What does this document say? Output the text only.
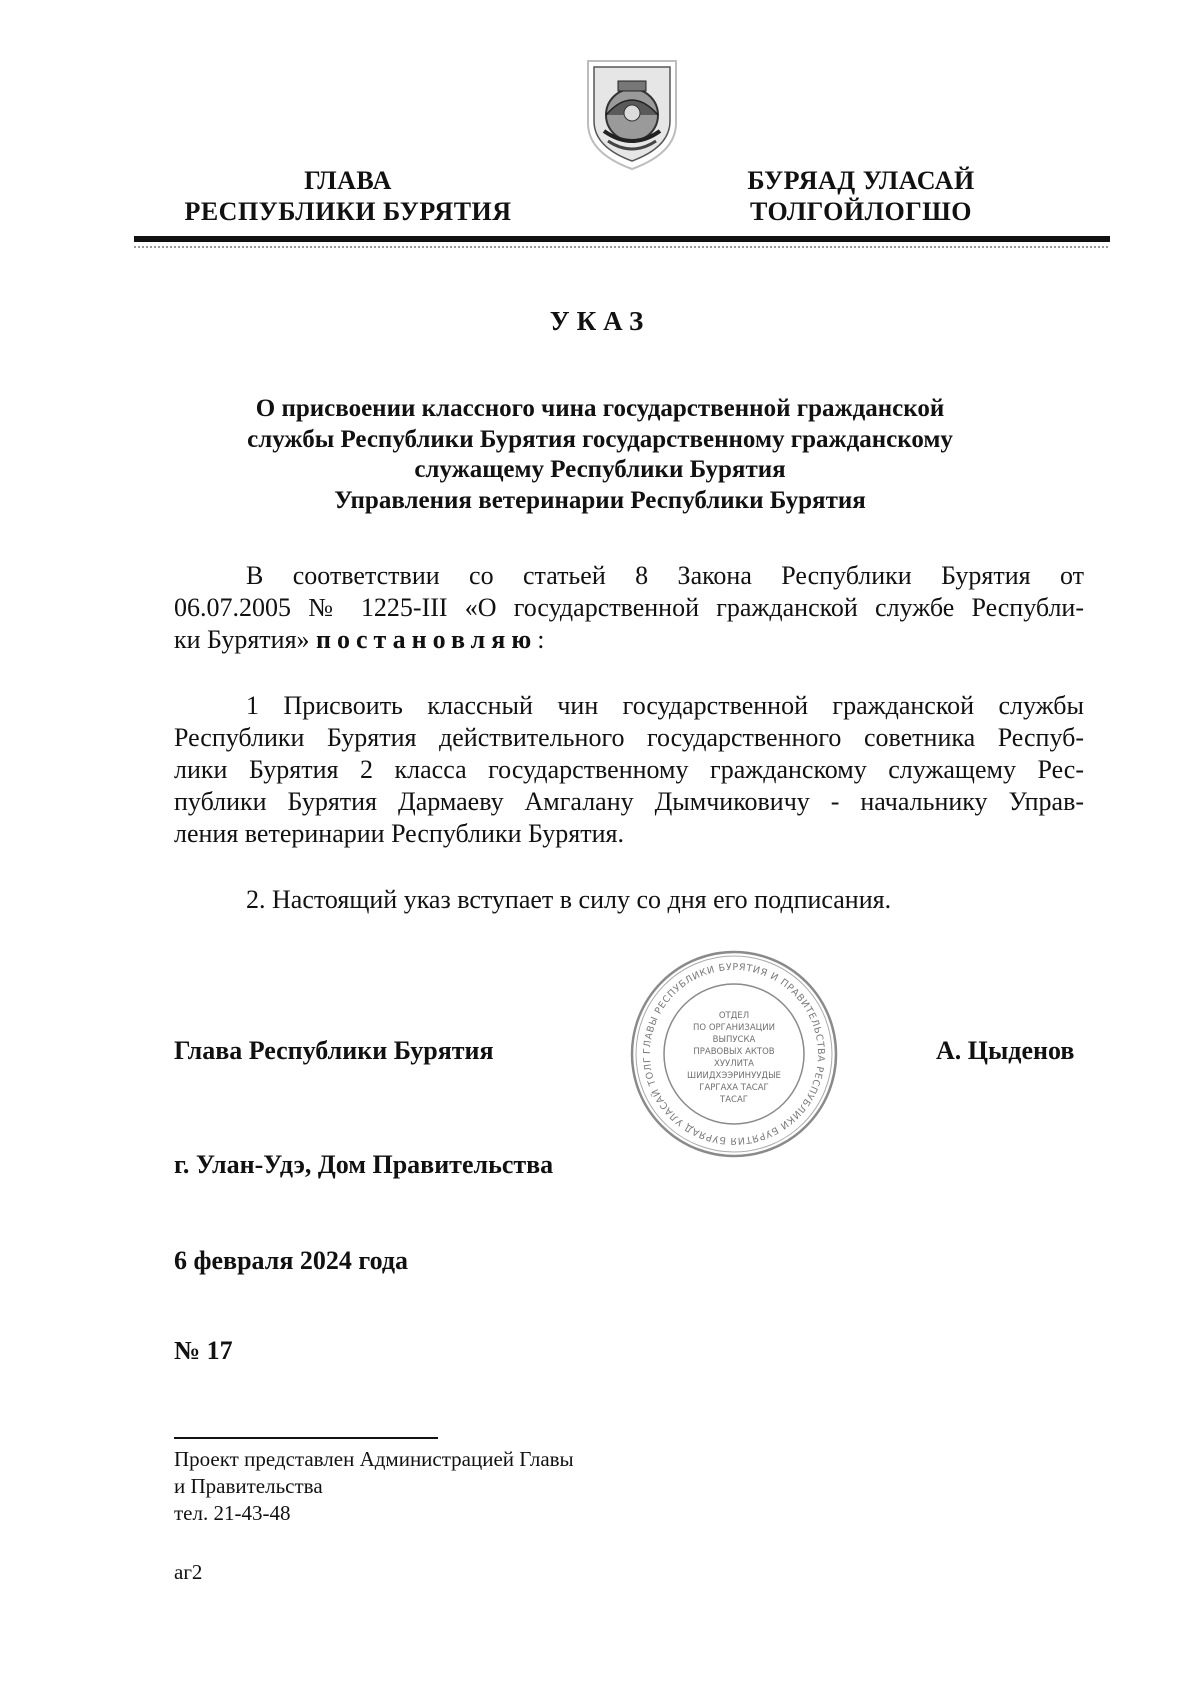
ГЛАВА
РЕСПУБЛИКИ БУРЯТИЯ
БУРЯАД УЛАСАЙ
ТОЛГОЙЛОГШО
УКАЗ
О присвоении классного чина государственной гражданской
службы Республики Бурятия государственному гражданскому
служащему Республики Бурятия
Управления ветеринарии Республики Бурятия
В соответствии со статьей 8 Закона Республики Бурятия от
06.07.2005 № 1225-III «О государственной гражданской службе Республи-
ки Бурятия» постановляю:
1 Присвоить классный чин государственной гражданской службы
Республики Бурятия действительного государственного советника Респуб-
лики Бурятия 2 класса государственному гражданскому служащему Рес-
публики Бурятия Дармаеву Амгалану Дымчиковичу - начальнику Управ-
ления ветеринарии Республики Бурятия.
2. Настоящий указ вступает в силу со дня его подписания.
ГЛАВЫ РЕСПУБЛИКИ БУРЯТИЯ И ПРАВИТЕЛЬСТВА РЕСПУБЛИКИ БУРЯТИЯ БУРЯАД УЛАСАЙ ТОЛГ
ОТДЕЛ
ПО ОРГАНИЗАЦИИ
ВЫПУСКА
ПРАВОВЫХ АКТОВ
ХУУЛИТА
ШИИДХЭЭРИНУУДЫЕ
ГАРГАХА ТАСАГ
ТАСАГ
Глава Республики Бурятия	А. Цыденов
г. Улан-Удэ, Дом Правительства
6 февраля 2024 года
№ 17
Проект представлен Администрацией Главы
и Правительства
тел. 21-43-48
аг2
